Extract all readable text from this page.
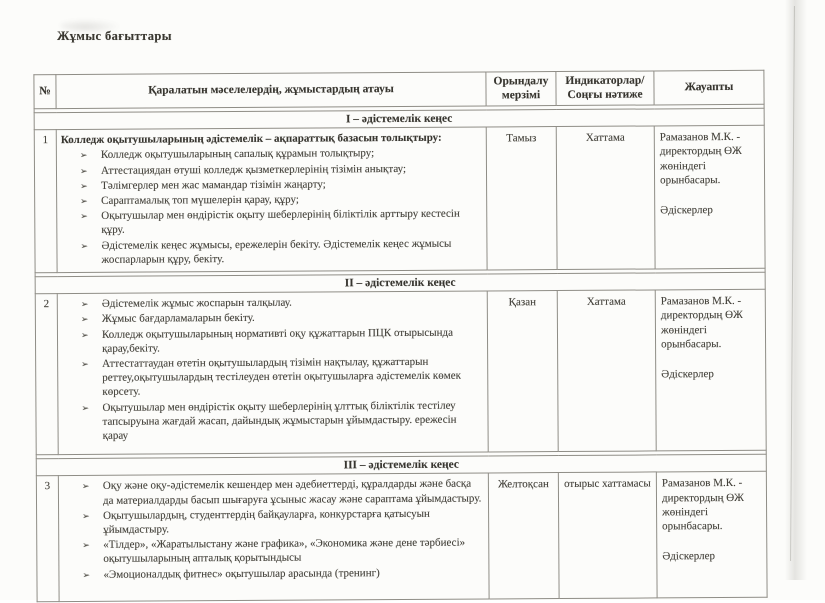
Жұмыс бағыттары
№	Қаралатын мәселелердің, жұмыстардың атауы	Орындалу мерзімі	Индикаторлар/ Соңғы нәтиже	Жауапты

I – әдістемелік кеңес				
1	Колледж оқытушыларының әдістемелік – ақпараттық базасын толықтыру:
➢ Колледж оқытушыларының сапалық құрамын толықтыру;
➢ Аттестациядан өтуші колледж қызметкерлерінің тізімін анықтау;
➢ Тәлімгерлер мен жас мамандар тізімін жаңарту;
➢ Сараптамалық топ мүшелерін қарау, құру;
➢ Оқытушылар мен өндірістік оқыту шеберлерінің біліктілік арттыру кестесін құру.
➢ Әдістемелік кеңес жұмысы, ережелерін бекіту. Әдістемелік кеңес жұмысы жоспарларын құру, бекіту.
	Тамыз	Хаттама	Рамазанов М.К. - директордың ӨЖ жөніндегі орынбасары.
Әдіскерлер

II – әдістемелік кеңес				
2	➢ Әдістемелік жұмыс жоспарын талқылау.
➢ Жұмыс бағдарламаларын бекіту.
➢ Колледж оқытушыларының нормативті оқу құжаттарын ПЦК отырысында қарау,бекіту.
➢ Аттестаттаудан өтетін оқытушылардың тізімін нақтылау, құжаттарын реттеу,оқытушылардың тестілеуден өтетін оқытушыларға әдістемелік көмек көрсету.
➢ Оқытушылар мен өндірістік оқыту шеберлерінің ұлттық біліктілік тестілеу тапсыруына жағдай жасап, дайындық жұмыстарын ұйымдастыру. ережесін қарау
	Қазан	Хаттама	Рамазанов М.К. - директордың ӨЖ жөніндегі орынбасары.
Әдіскерлер

III – әдістемелік кеңес				
3	➢ Оқу және оқу-әдістемелік кешендер мен әдебиеттерді, құралдарды және басқа да материалдарды басып шығаруға ұсыныс жасау және сараптама ұйымдастыру.
➢ Оқытушылардың, студенттердің байқауларға, конкурстарға қатысуын ұйымдастыру.
➢ «Тілдер», «Жаратылыстану және графика», «Экономика және дене тәрбиесі» оқытушыларының апталық қорытындысы
➢ «Эмоционалдық фитнес» оқытушылар арасында (тренинг)
	Желтоқсан	отырыс хаттамасы	Рамазанов М.К. - директордың ӨЖ жөніндегі орынбасары.
Әдіскерлер
